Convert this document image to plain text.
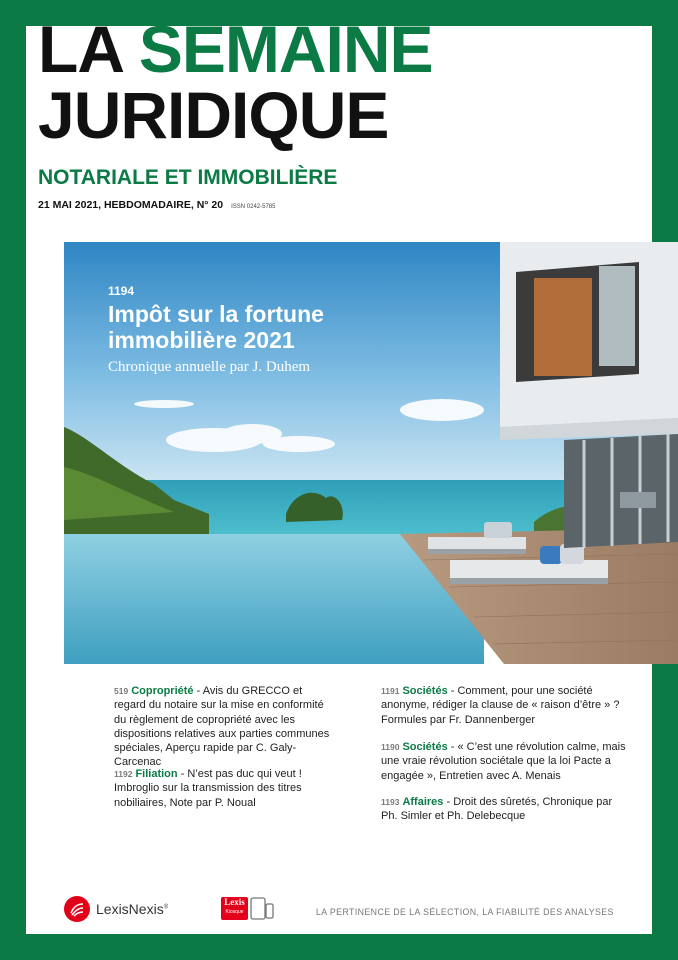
LA SEMAINE
JURIDIQUE
NOTARIALE ET IMMOBILIÈRE
21 MAI 2021, HEBDOMADAIRE, N° 20 ISSN 0242-5785
1194
Impôt sur la fortune immobilière 2021
Chronique annuelle par J. Duhem
519 Copropriété - Avis du GRECCO et regard du notaire sur la mise en conformité du règlement de copropriété avec les dispositions relatives aux parties communes spéciales, Aperçu rapide par C. Galy-Carcenac
1192 Filiation - N’est pas duc qui veut ! Imbroglio sur la transmission des titres nobiliaires, Note par P. Noual
1191 Sociétés - Comment, pour une société anonyme, rédiger la clause de « raison d’être » ? Formules par Fr. Dannenberger
1190 Sociétés - « C’est une révolution calme, mais une vraie révolution sociétale que la loi Pacte a engagée », Entretien avec A. Menais
1193 Affaires - Droit des sûretés, Chronique par Ph. Simler et Ph. Delebecque
LexisNexis®
Lexis
Kiosque	LA PERTINENCE DE LA SÉLECTION, LA FIABILITÉ DES ANALYSES
